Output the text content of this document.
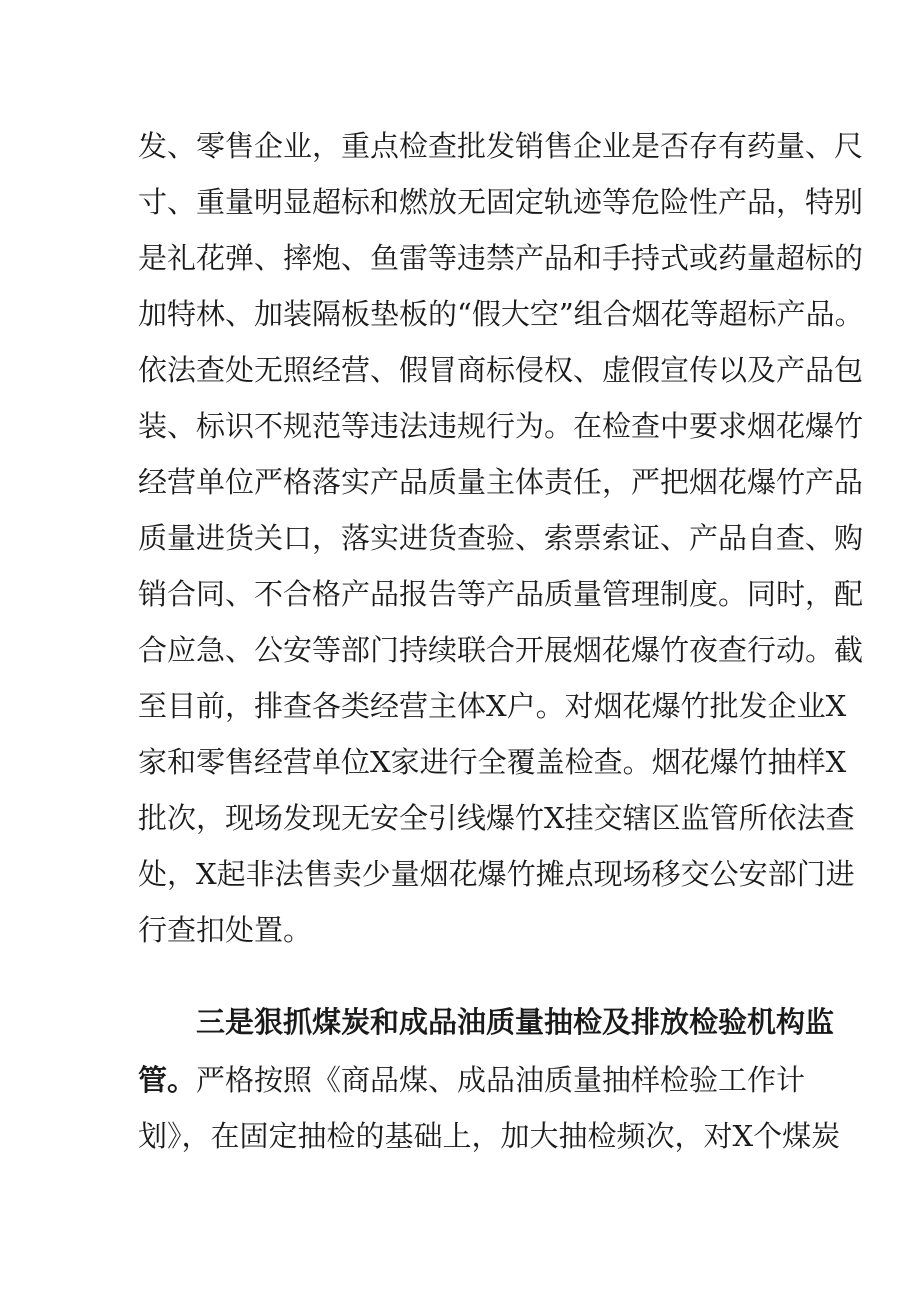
发、零售企业，重点检查批发销售企业是否存有药量、尺
寸、重量明显超标和燃放无固定轨迹等危险性产品，特别
是礼花弹、摔炮、鱼雷等违禁产品和手持式或药量超标的
加特林、加装隔板垫板的“假大空”组合烟花等超标产品。
依法查处无照经营、假冒商标侵权、虚假宣传以及产品包
装、标识不规范等违法违规行为。在检查中要求烟花爆竹
经营单位严格落实产品质量主体责任，严把烟花爆竹产品
质量进货关口，落实进货查验、索票索证、产品自查、购
销合同、不合格产品报告等产品质量管理制度。同时，配
合应急、公安等部门持续联合开展烟花爆竹夜查行动。截
至目前，排查各类经营主体X户。对烟花爆竹批发企业X
家和零售经营单位X家进行全覆盖检查。烟花爆竹抽样X
批次，现场发现无安全引线爆竹X挂交辖区监管所依法查
处，X起非法售卖少量烟花爆竹摊点现场移交公安部门进
行查扣处置。
三是狠抓煤炭和成品油质量抽检及排放检验机构监
管。严格按照《商品煤、成品油质量抽样检验工作计
划》，在固定抽检的基础上，加大抽检频次，对X个煤炭
